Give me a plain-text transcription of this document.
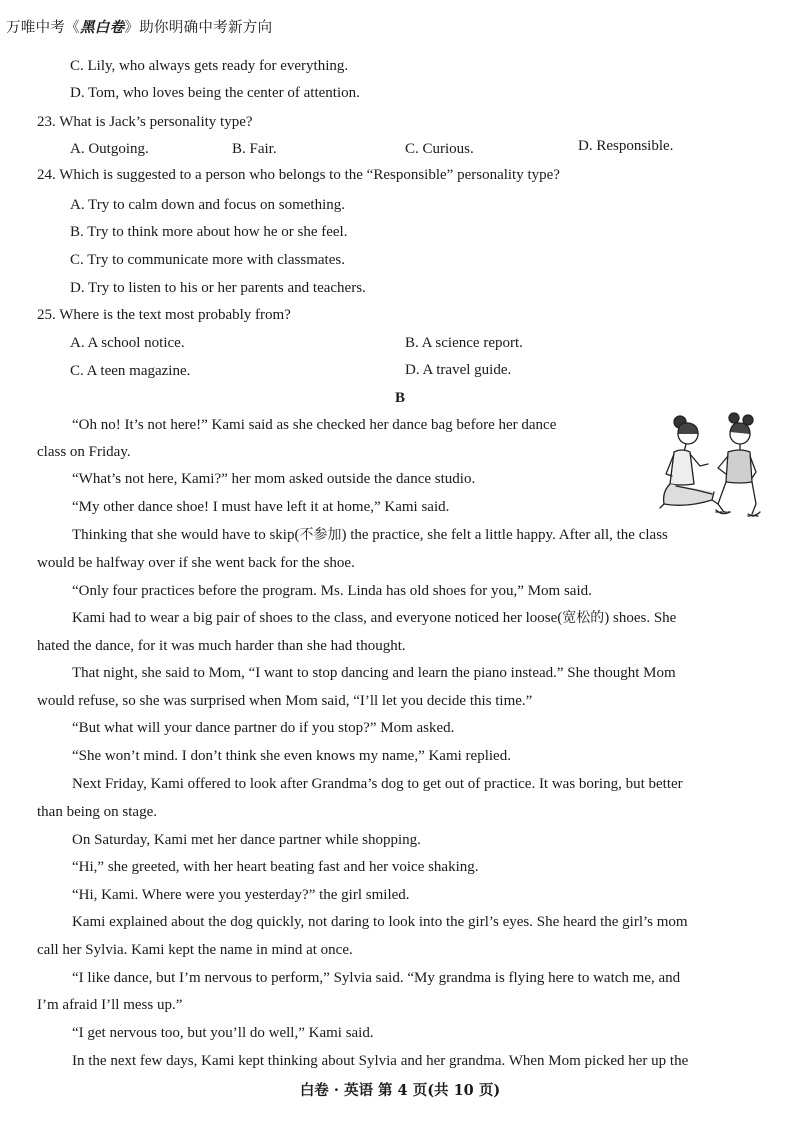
万唯中考《黑白卷》助你明确中考新方向
C. Lily, who always gets ready for everything.
D. Tom, who loves being the center of attention.
23. What is Jack’s personality type?
A. Outgoing.	B. Fair.	C. Curious.	D. Responsible.
24. Which is suggested to a person who belongs to the “Responsible” personality type?
A. Try to calm down and focus on something.
B. Try to think more about how he or she feel.
C. Try to communicate more with classmates.
D. Try to listen to his or her parents and teachers.
25. Where is the text most probably from?
A. A school notice.	B. A science report.
C. A teen magazine.	D. A travel guide.
B
“Oh no! It’s not here!” Kami said as she checked her dance bag before her dance
class on Friday.
“What’s not here, Kami?” her mom asked outside the dance studio.
“My other dance shoe! I must have left it at home,” Kami said.
Thinking that she would have to skip(不参加) the practice, she felt a little happy. After all, the class
would be halfway over if she went back for the shoe.
“Only four practices before the program. Ms. Linda has old shoes for you,” Mom said.
Kami had to wear a big pair of shoes to the class, and everyone noticed her loose(宽松的) shoes. She
hated the dance, for it was much harder than she had thought.
That night, she said to Mom, “I want to stop dancing and learn the piano instead.” She thought Mom
would refuse, so she was surprised when Mom said, “I’ll let you decide this time.”
“But what will your dance partner do if you stop?” Mom asked.
“She won’t mind. I don’t think she even knows my name,” Kami replied.
Next Friday, Kami offered to look after Grandma’s dog to get out of practice. It was boring, but better
than being on stage.
On Saturday, Kami met her dance partner while shopping.
“Hi,” she greeted, with her heart beating fast and her voice shaking.
“Hi, Kami. Where were you yesterday?” the girl smiled.
Kami explained about the dog quickly, not daring to look into the girl’s eyes. She heard the girl’s mom
call her Sylvia. Kami kept the name in mind at once.
“I like dance, but I’m nervous to perform,” Sylvia said. “My grandma is flying here to watch me, and
I’m afraid I’ll mess up.”
“I get nervous too, but you’ll do well,” Kami said.
In the next few days, Kami kept thinking about Sylvia and her grandma. When Mom picked her up the
白卷 · 英语 第 4 页(共 10 页)
